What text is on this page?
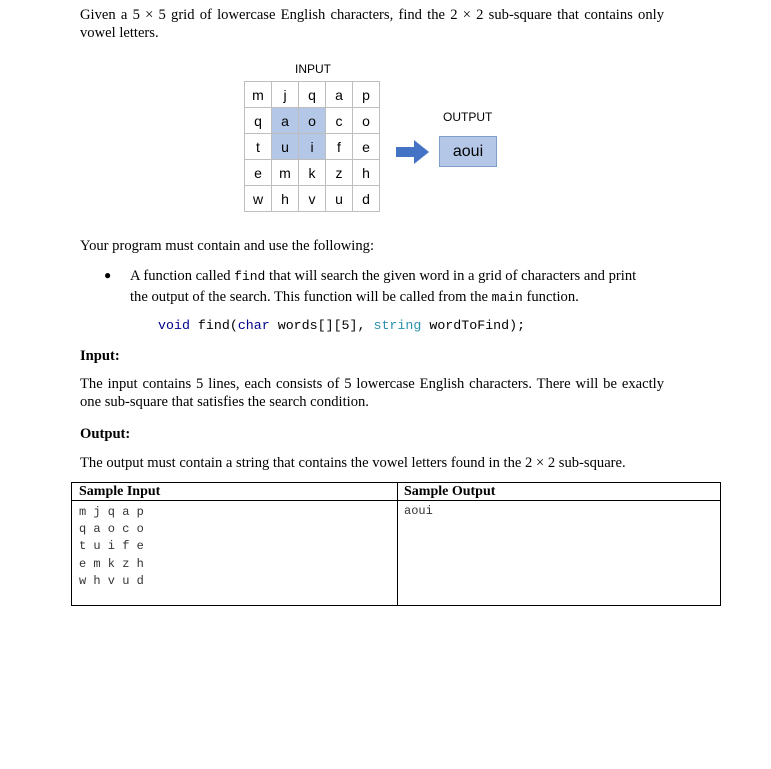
Given a 5 × 5 grid of lowercase English characters, find the 2 × 2 sub-square that contains only vowel letters.
INPUT
m	j	q	a	p
q	a	o	c	o
t	u	i	f	e
e	m	k	z	h
w	h	v	u	d
OUTPUT
aoui
Your program must contain and use the following:
● A function called find that will search the given word in a grid of characters and print the output of the search. This function will be called from the main function.
void find(char words[][5], string wordToFind);
Input:
The input contains 5 lines, each consists of 5 lowercase English characters. There will be exactly one sub-square that satisfies the search condition.
Output:
The output must contain a string that contains the vowel letters found in the 2 × 2 sub-square.
Sample Input	Sample Output
m j q a p
q a o c o
t u i f e
e m k z h
w h v u d
aoui
